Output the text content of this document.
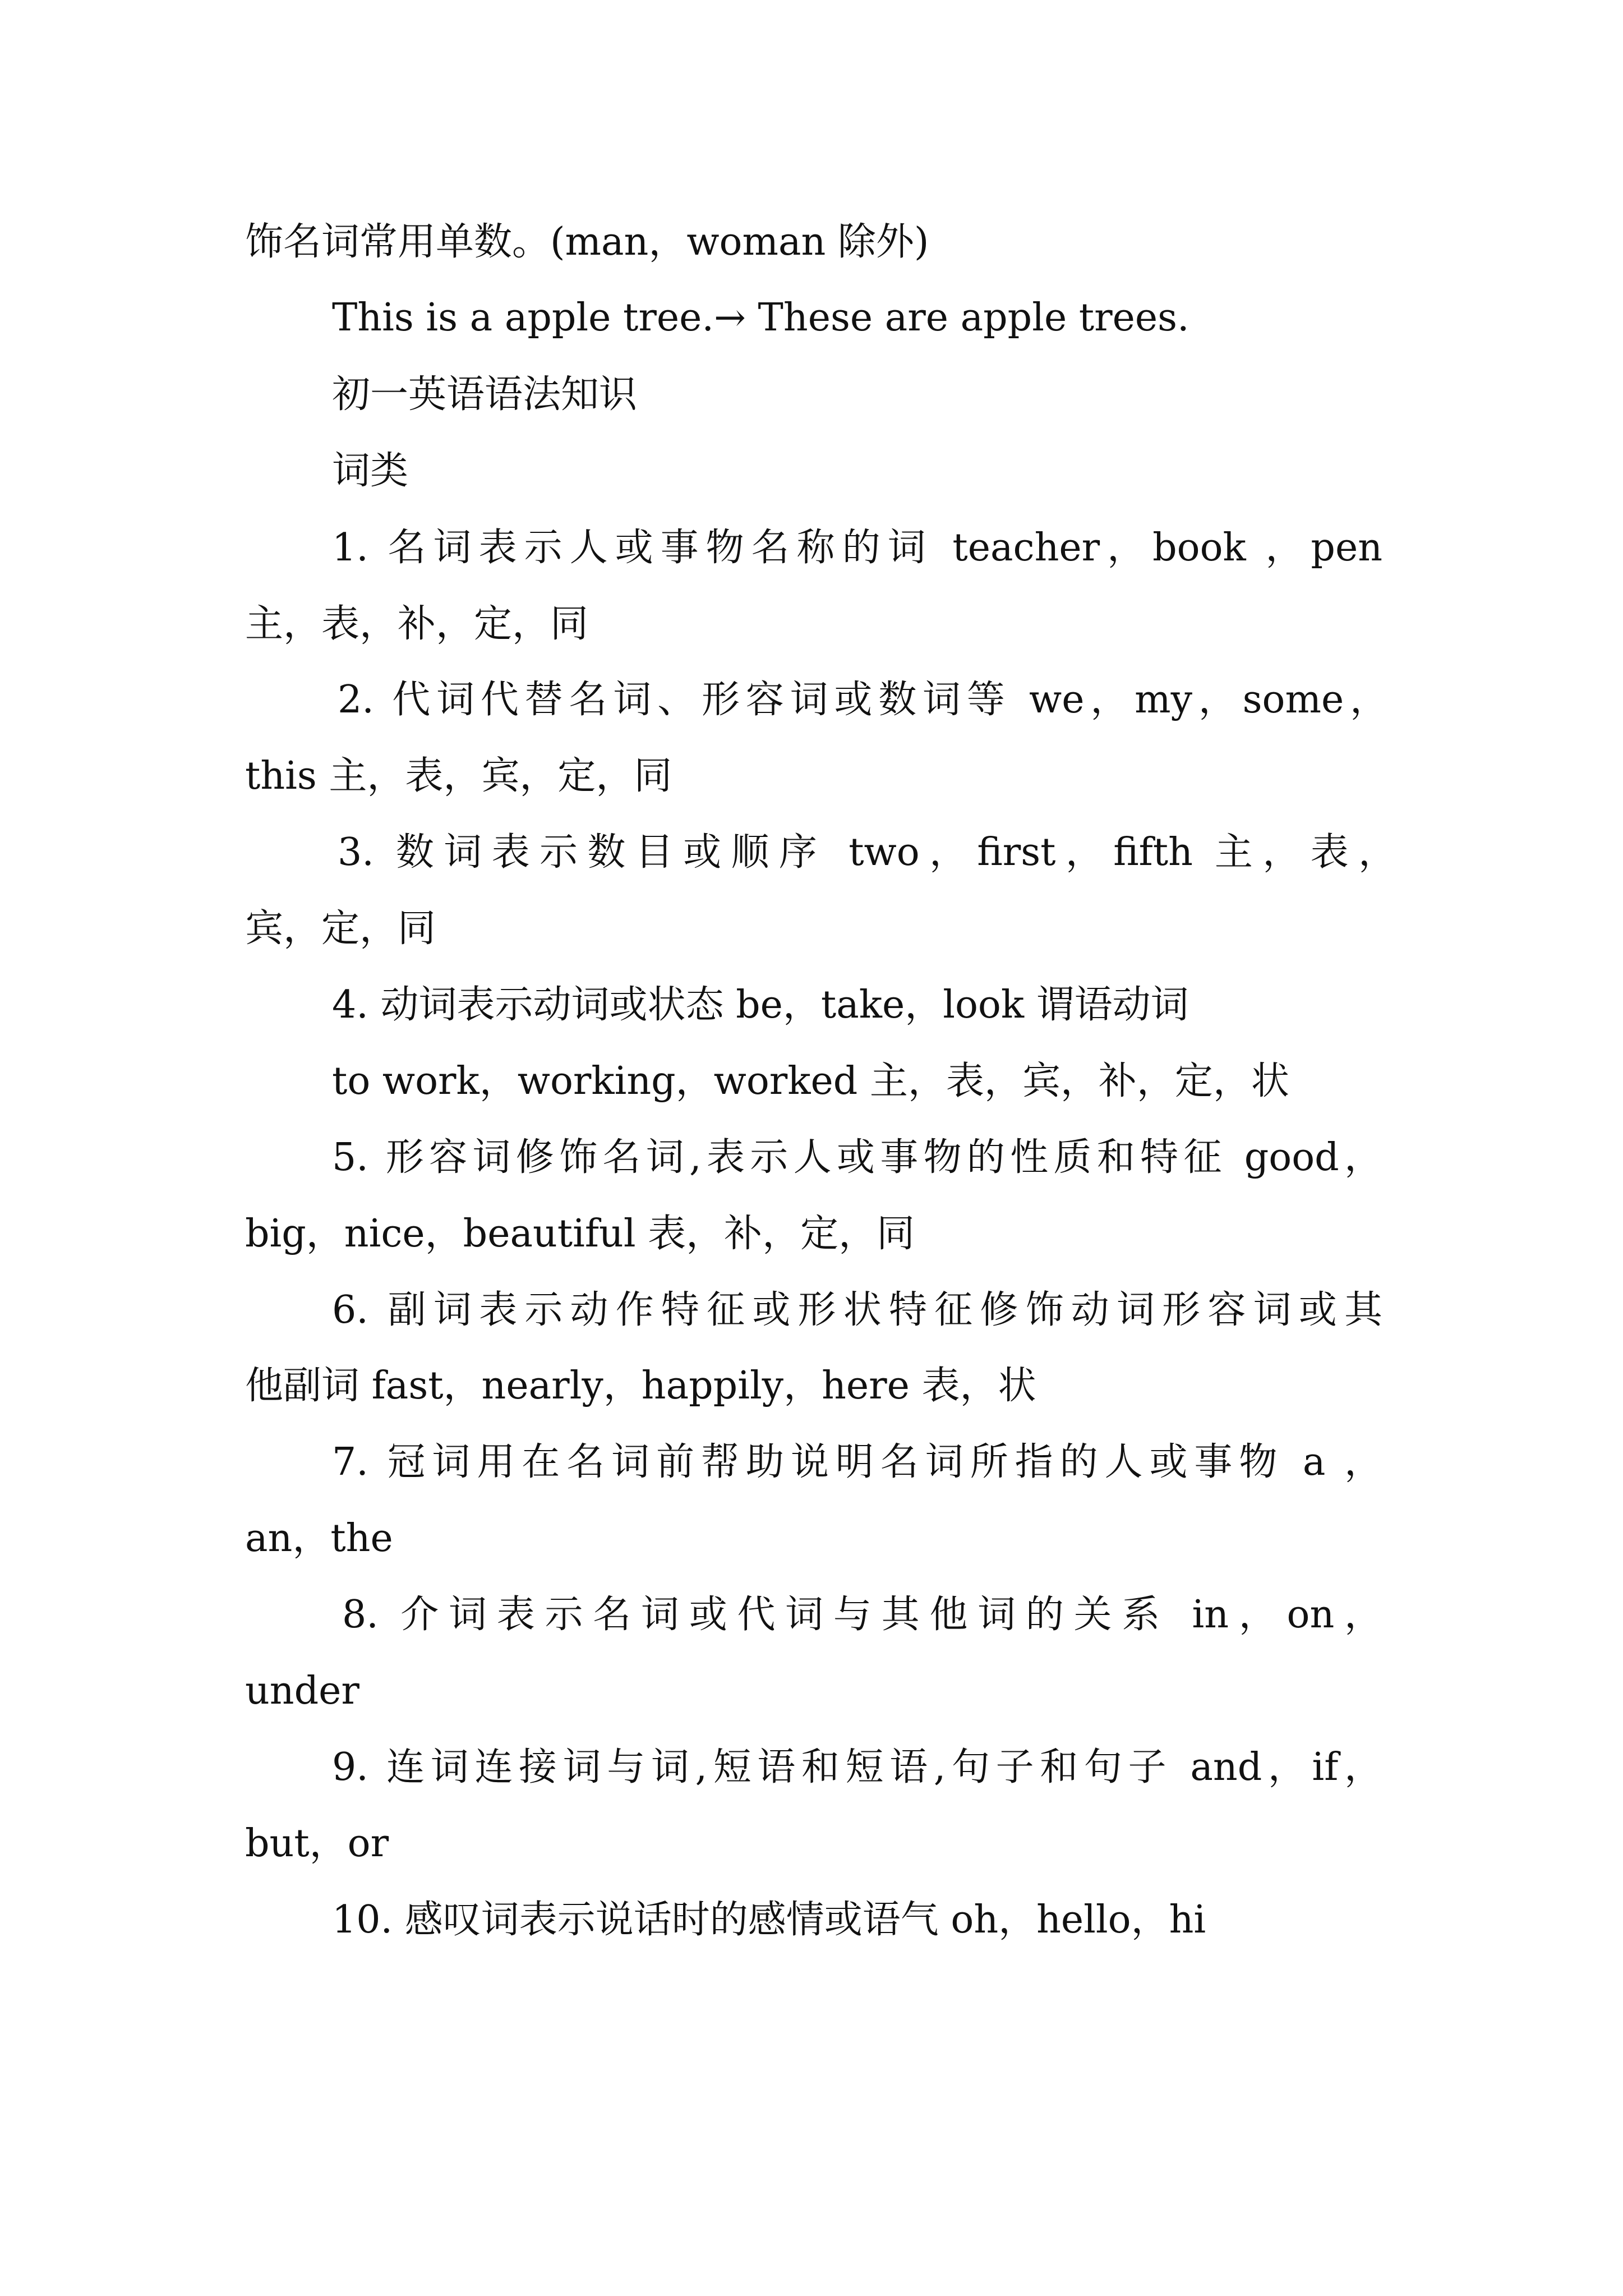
饰名词常用单数。(man，woman 除外)
This is a apple tree.→ These are apple trees.
初一英语语法知识
词类
1. 名词表示人或事物名称的词 teacher，book ，pen
主，表，补，定，同
2. 代词代替名词、形容词或数词等 we，my，some，
this 主，表，宾，定，同
3. 数词表示数目或顺序 two，first，fifth 主，表，
宾，定，同
4. 动词表示动词或状态 be，take，look 谓语动词
to work，working，worked 主，表，宾，补，定，状
5. 形容词修饰名词,表示人或事物的性质和特征 good，
big，nice，beautiful 表，补，定，同
6. 副词表示动作特征或形状特征修饰动词形容词或其
他副词 fast，nearly，happily，here 表，状
7. 冠词用在名词前帮助说明名词所指的人或事物 a ，
an，the
8. 介词表示名词或代词与其他词的关系 in，on，
under
9. 连词连接词与词,短语和短语,句子和句子 and，if，
but，or
10. 感叹词表示说话时的感情或语气 oh，hello，hi
